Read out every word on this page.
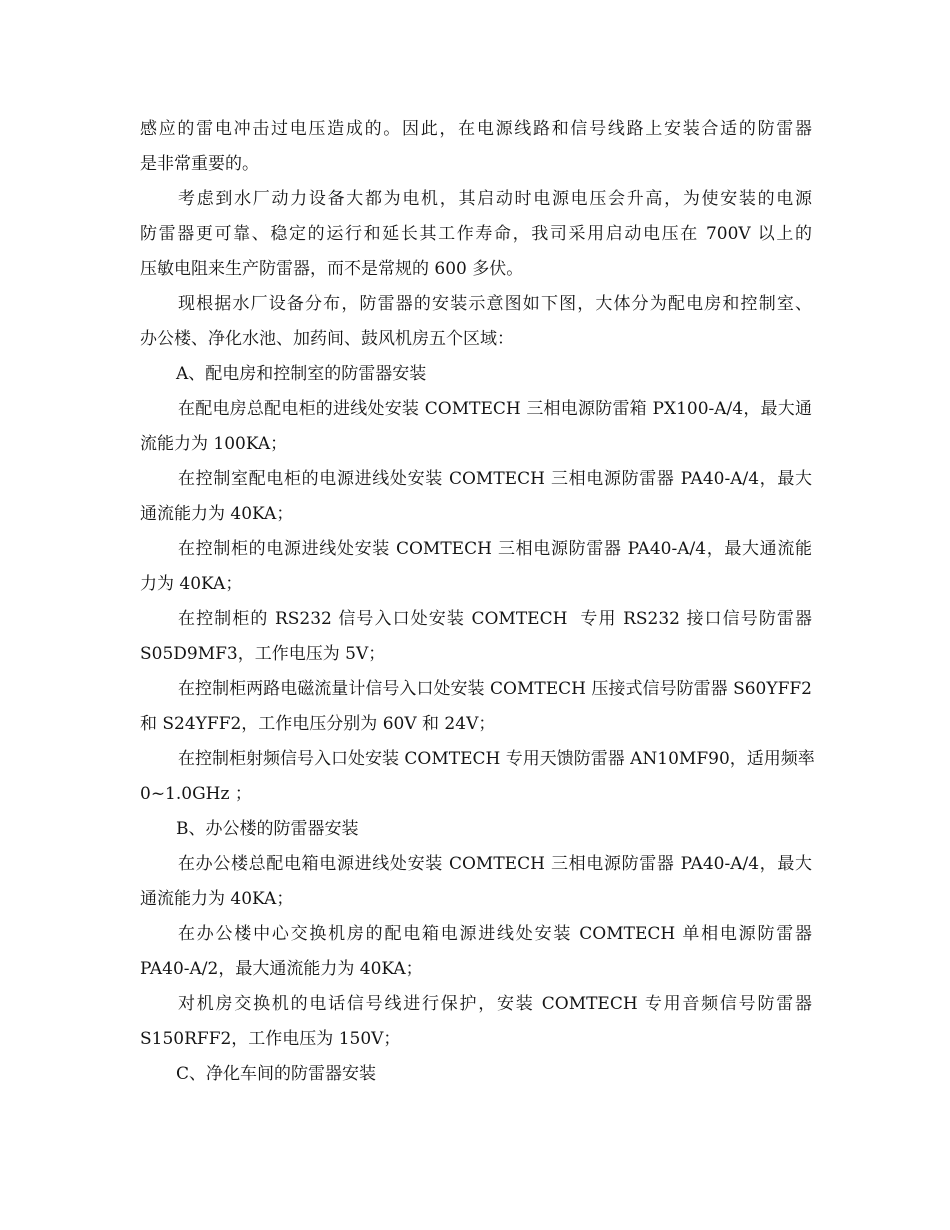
感应的雷电冲击过电压造成的。因此，在电源线路和信号线路上安装合适的防雷器
是非常重要的。
考虑到水厂动力设备大都为电机，其启动时电源电压会升高，为使安装的电源
防雷器更可靠、稳定的运行和延长其工作寿命，我司采用启动电压在 700V 以上的
压敏电阻来生产防雷器，而不是常规的 600 多伏。
现根据水厂设备分布，防雷器的安装示意图如下图，大体分为配电房和控制室、
办公楼、净化水池、加药间、鼓风机房五个区域：
A、配电房和控制室的防雷器安装
在配电房总配电柜的进线处安装 COMTECH 三相电源防雷箱 PX100-A/4，最大通
流能力为 100KA；
在控制室配电柜的电源进线处安装 COMTECH 三相电源防雷器 PA40-A/4，最大
通流能力为 40KA；
在控制柜的电源进线处安装 COMTECH 三相电源防雷器 PA40-A/4，最大通流能
力为 40KA；
在控制柜的 RS232 信号入口处安装 COMTECH  专用 RS232 接口信号防雷器
S05D9MF3，工作电压为 5V；
在控制柜两路电磁流量计信号入口处安装 COMTECH 压接式信号防雷器 S60YFF2
和 S24YFF2，工作电压分别为 60V 和 24V；
在控制柜射频信号入口处安装 COMTECH 专用天馈防雷器 AN10MF90，适用频率
0~1.0GHz ；
B、办公楼的防雷器安装
在办公楼总配电箱电源进线处安装 COMTECH 三相电源防雷器 PA40-A/4，最大
通流能力为 40KA；
在办公楼中心交换机房的配电箱电源进线处安装 COMTECH 单相电源防雷器
PA40-A/2，最大通流能力为 40KA；
对机房交换机的电话信号线进行保护，安装 COMTECH 专用音频信号防雷器
S150RFF2，工作电压为 150V；
C、净化车间的防雷器安装
